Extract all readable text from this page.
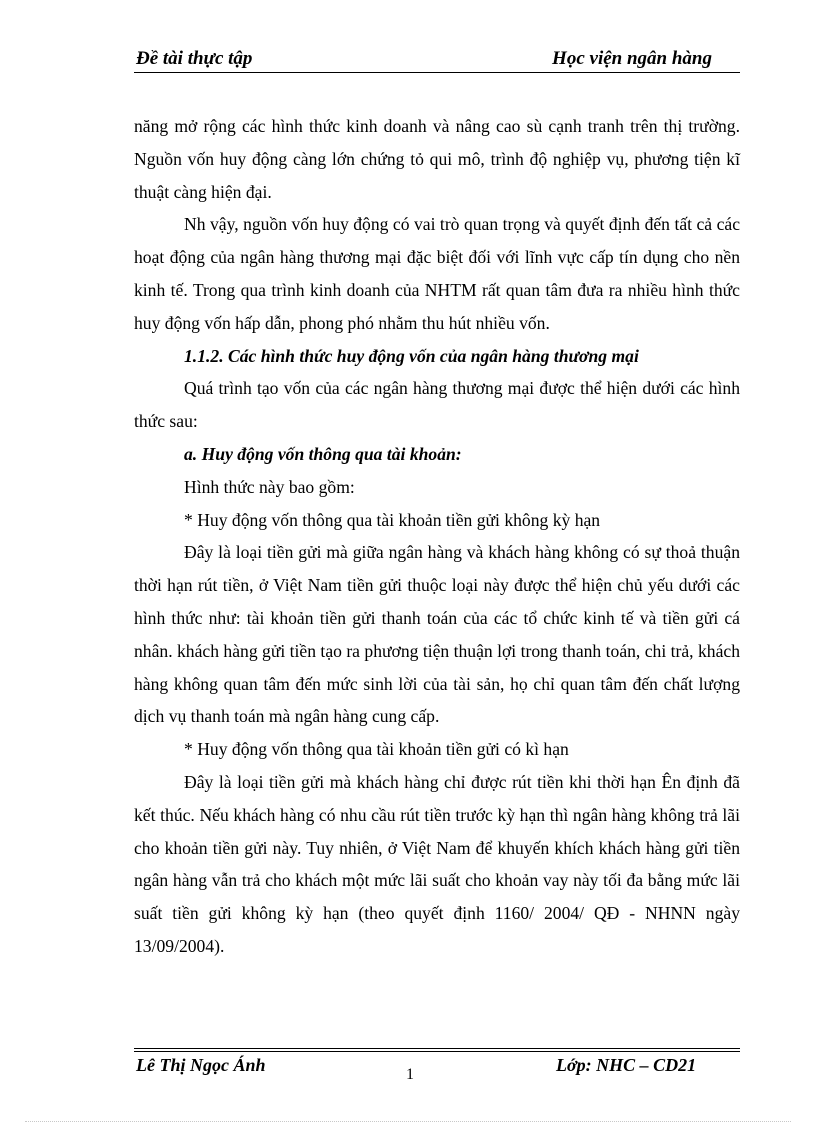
Đề tài thực tập	Học viện ngân hàng

năng mở rộng các hình thức kinh doanh và nâng cao sù cạnh tranh trên thị trường. Nguồn vốn huy động càng lớn chứng tỏ qui mô, trình độ nghiệp vụ, phương tiện kĩ thuật càng hiện đại.

Nh vậy, nguồn vốn huy động có vai trò quan trọng và quyết định đến tất cả các hoạt động của ngân hàng thương mại đặc biệt đối với lĩnh vực cấp tín dụng cho nền kinh tế. Trong qua trình kinh doanh của NHTM rất quan tâm đưa ra nhiều hình thức huy động vốn hấp dẫn, phong phó nhằm thu hút nhiều vốn.

1.1.2. Các hình thức huy động vốn của ngân hàng thương mại

Quá trình tạo vốn của các ngân hàng thương mại được thể hiện dưới các hình thức sau:

a. Huy động vốn thông qua tài khoản:

Hình thức này bao gồm:

* Huy động vốn thông qua tài khoản tiền gửi không kỳ hạn

Đây là loại tiền gửi mà giữa ngân hàng và khách hàng không có sự thoả thuận thời hạn rút tiền, ở Việt Nam tiền gửi thuộc loại này được thể hiện chủ yếu dưới các hình thức như: tài khoản tiền gửi thanh toán của các tổ chức kinh tế và tiền gửi cá nhân. khách hàng gửi tiền tạo ra phương tiện thuận lợi trong thanh toán, chi trả, khách hàng không quan tâm đến mức sinh lời của tài sản, họ chỉ quan tâm đến chất lượng dịch vụ thanh toán mà ngân hàng cung cấp.

* Huy động vốn thông qua tài khoản tiền gửi có kì hạn

Đây là loại tiền gửi mà khách hàng chỉ được rút tiền khi thời hạn Ên định đã kết thúc. Nếu khách hàng có nhu cầu rút tiền trước kỳ hạn thì ngân hàng không trả lãi cho khoản tiền gửi này. Tuy nhiên, ở Việt Nam để khuyến khích khách hàng gửi tiền ngân hàng vẫn trả cho khách một mức lãi suất cho khoản vay này tối đa bằng mức lãi suất tiền gửi không kỳ hạn (theo quyết định 1160/ 2004/ QĐ - NHNN ngày 13/09/2004).

Lê Thị Ngọc Ánh	1	Lớp: NHC – CD21
